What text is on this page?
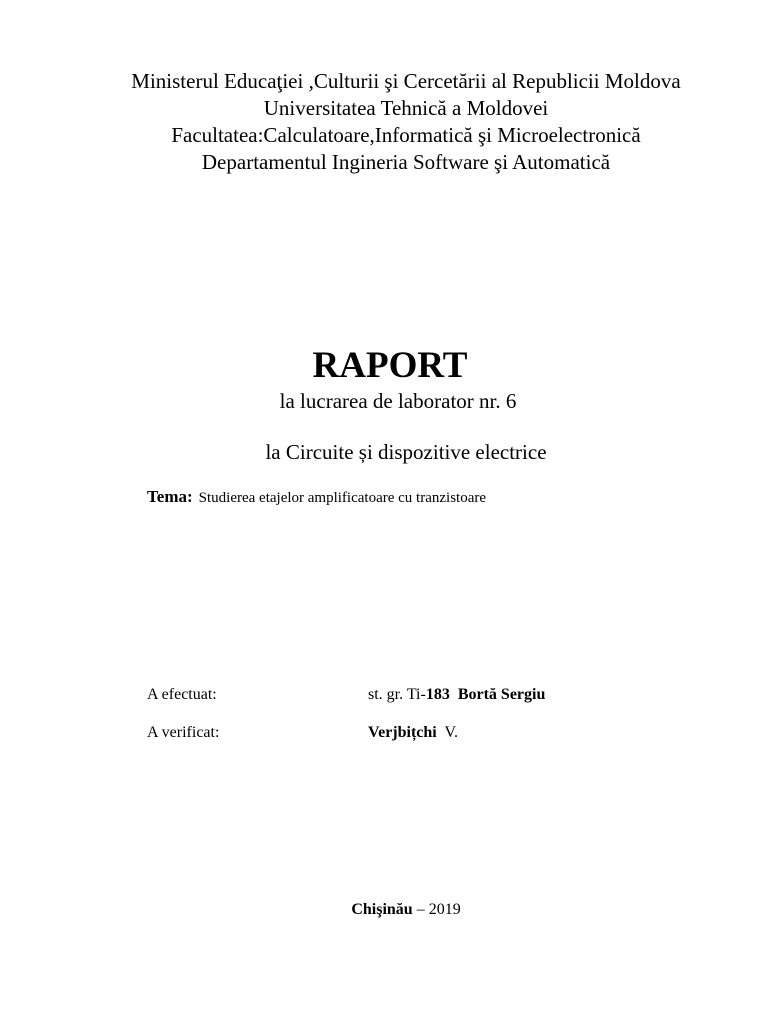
Ministerul Educaţiei ,Culturii şi Cercetării al Republicii Moldova
Universitatea Tehnică a Moldovei
Facultatea:Calculatoare,Informatică şi Microelectronică
Departamentul Ingineria Software şi Automatică
RAPORT
la lucrarea de laborator nr. 6
la Circuite și dispozitive electrice
Tema: Studierea etajelor amplificatoare cu tranzistoare
A efectuat:	st. gr. Ti-183 Bortă Sergiu
A verificat:	Verjbițchi V.
Chişinău – 2019
